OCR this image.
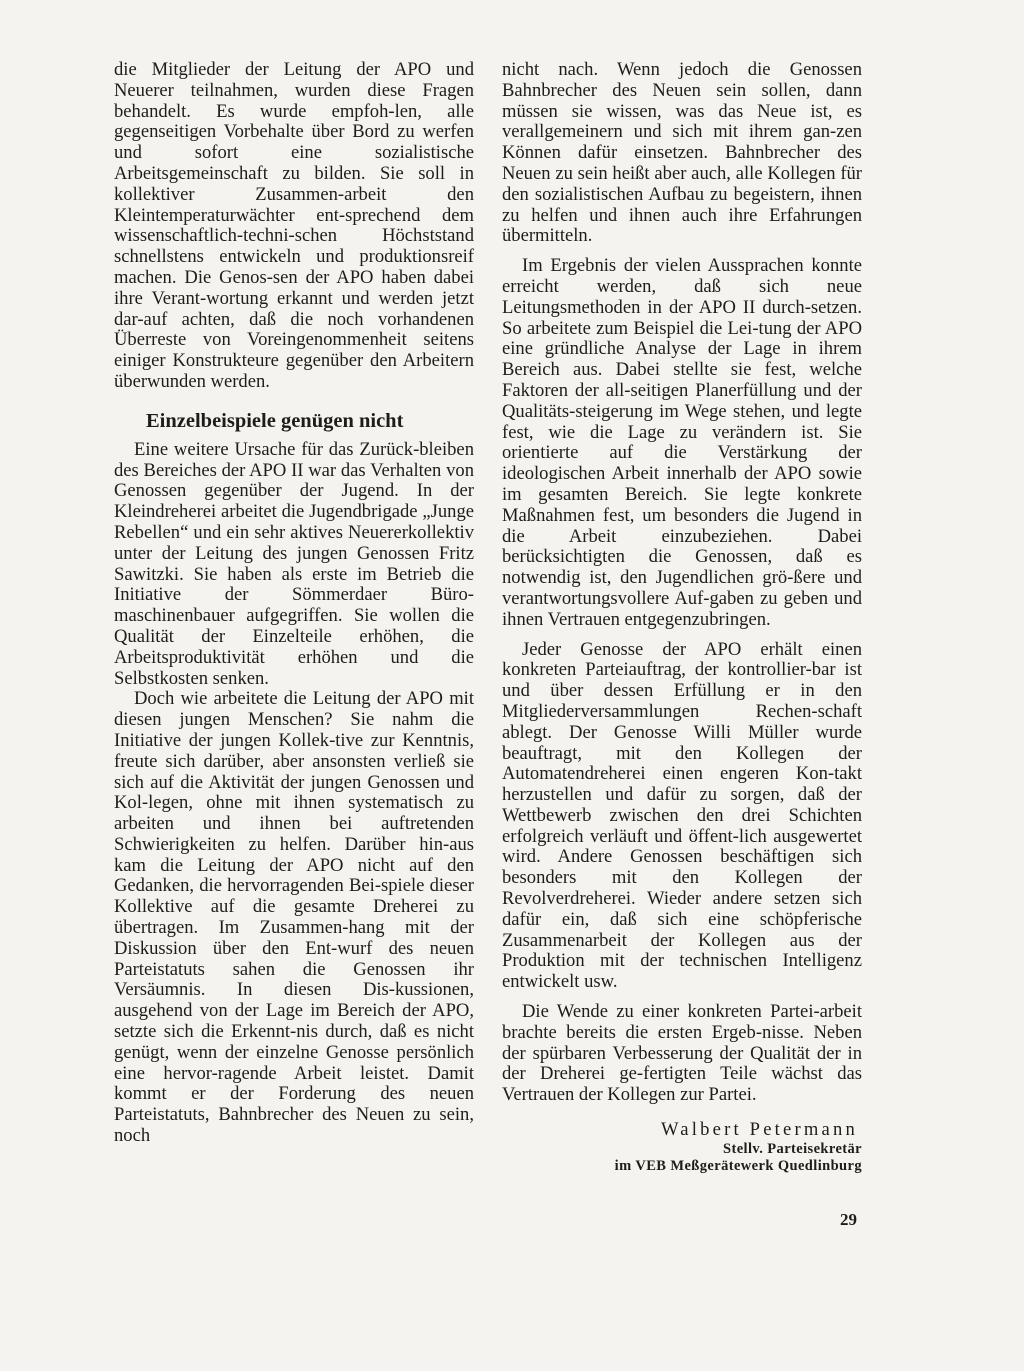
die Mitglieder der Leitung der APO und Neuerer teilnahmen, wurden diese Fragen behandelt. Es wurde empfoh-len, alle gegenseitigen Vorbehalte über Bord zu werfen und sofort eine sozialistische Arbeitsgemeinschaft zu bilden. Sie soll in kollektiver Zusammen-arbeit den Kleintemperaturwächter ent-sprechend dem wissenschaftlich-techni-schen Höchststand schnellstens entwickeln und produktionsreif machen. Die Genos-sen der APO haben dabei ihre Verant-wortung erkannt und werden jetzt dar-auf achten, daß die noch vorhandenen Überreste von Voreingenommenheit seitens einiger Konstrukteure gegenüber den Arbeitern überwunden werden.

Einzelbeispiele genügen nicht

Eine weitere Ursache für das Zurück-bleiben des Bereiches der APO II war das Verhalten von Genossen gegenüber der Jugend. In der Kleindreherei arbeitet die Jugendbrigade „Junge Rebellen“ und ein sehr aktives Neuererkollektiv unter der Leitung des jungen Genossen Fritz Sawitzki. Sie haben als erste im Betrieb die Initiative der Sömmerdaer Büro-maschinenbauer aufgegriffen. Sie wollen die Qualität der Einzelteile erhöhen, die Arbeitsproduktivität erhöhen und die Selbstkosten senken.

Doch wie arbeitete die Leitung der APO mit diesen jungen Menschen? Sie nahm die Initiative der jungen Kollek-tive zur Kenntnis, freute sich darüber, aber ansonsten verließ sie sich auf die Aktivität der jungen Genossen und Kol-legen, ohne mit ihnen systematisch zu arbeiten und ihnen bei auftretenden Schwierigkeiten zu helfen. Darüber hin-aus kam die Leitung der APO nicht auf den Gedanken, die hervorragenden Bei-spiele dieser Kollektive auf die gesamte Dreherei zu übertragen. Im Zusammen-hang mit der Diskussion über den Ent-wurf des neuen Parteistatuts sahen die Genossen ihr Versäumnis. In diesen Dis-kussionen, ausgehend von der Lage im Bereich der APO, setzte sich die Erkennt-nis durch, daß es nicht genügt, wenn der einzelne Genosse persönlich eine hervor-ragende Arbeit leistet. Damit kommt er der Forderung des neuen Parteistatuts, Bahnbrecher des Neuen zu sein, noch

nicht nach. Wenn jedoch die Genossen Bahnbrecher des Neuen sein sollen, dann müssen sie wissen, was das Neue ist, es verallgemeinern und sich mit ihrem gan-zen Können dafür einsetzen. Bahnbrecher des Neuen zu sein heißt aber auch, alle Kollegen für den sozialistischen Aufbau zu begeistern, ihnen zu helfen und ihnen auch ihre Erfahrungen übermitteln.

Im Ergebnis der vielen Aussprachen konnte erreicht werden, daß sich neue Leitungsmethoden in der APO II durch-setzen. So arbeitete zum Beispiel die Lei-tung der APO eine gründliche Analyse der Lage in ihrem Bereich aus. Dabei stellte sie fest, welche Faktoren der all-seitigen Planerfüllung und der Qualitäts-steigerung im Wege stehen, und legte fest, wie die Lage zu verändern ist. Sie orientierte auf die Verstärkung der ideologischen Arbeit innerhalb der APO sowie im gesamten Bereich. Sie legte konkrete Maßnahmen fest, um besonders die Jugend in die Arbeit einzubeziehen. Dabei berücksichtigten die Genossen, daß es notwendig ist, den Jugendlichen grö-ßere und verantwortungsvollere Auf-gaben zu geben und ihnen Vertrauen entgegenzubringen.

Jeder Genosse der APO erhält einen konkreten Parteiauftrag, der kontrollier-bar ist und über dessen Erfüllung er in den Mitgliederversammlungen Rechen-schaft ablegt. Der Genosse Willi Müller wurde beauftragt, mit den Kollegen der Automatendreherei einen engeren Kon-takt herzustellen und dafür zu sorgen, daß der Wettbewerb zwischen den drei Schichten erfolgreich verläuft und öffent-lich ausgewertet wird. Andere Genossen beschäftigen sich besonders mit den Kollegen der Revolverdreherei. Wieder andere setzen sich dafür ein, daß sich eine schöpferische Zusammenarbeit der Kollegen aus der Produktion mit der technischen Intelligenz entwickelt usw.

Die Wende zu einer konkreten Partei-arbeit brachte bereits die ersten Ergeb-nisse. Neben der spürbaren Verbesserung der Qualität der in der Dreherei ge-fertigten Teile wächst das Vertrauen der Kollegen zur Partei.

Walbert Petermann
Stellv. Parteisekretär
im VEB Meßgerätewerk Quedlinburg
29
